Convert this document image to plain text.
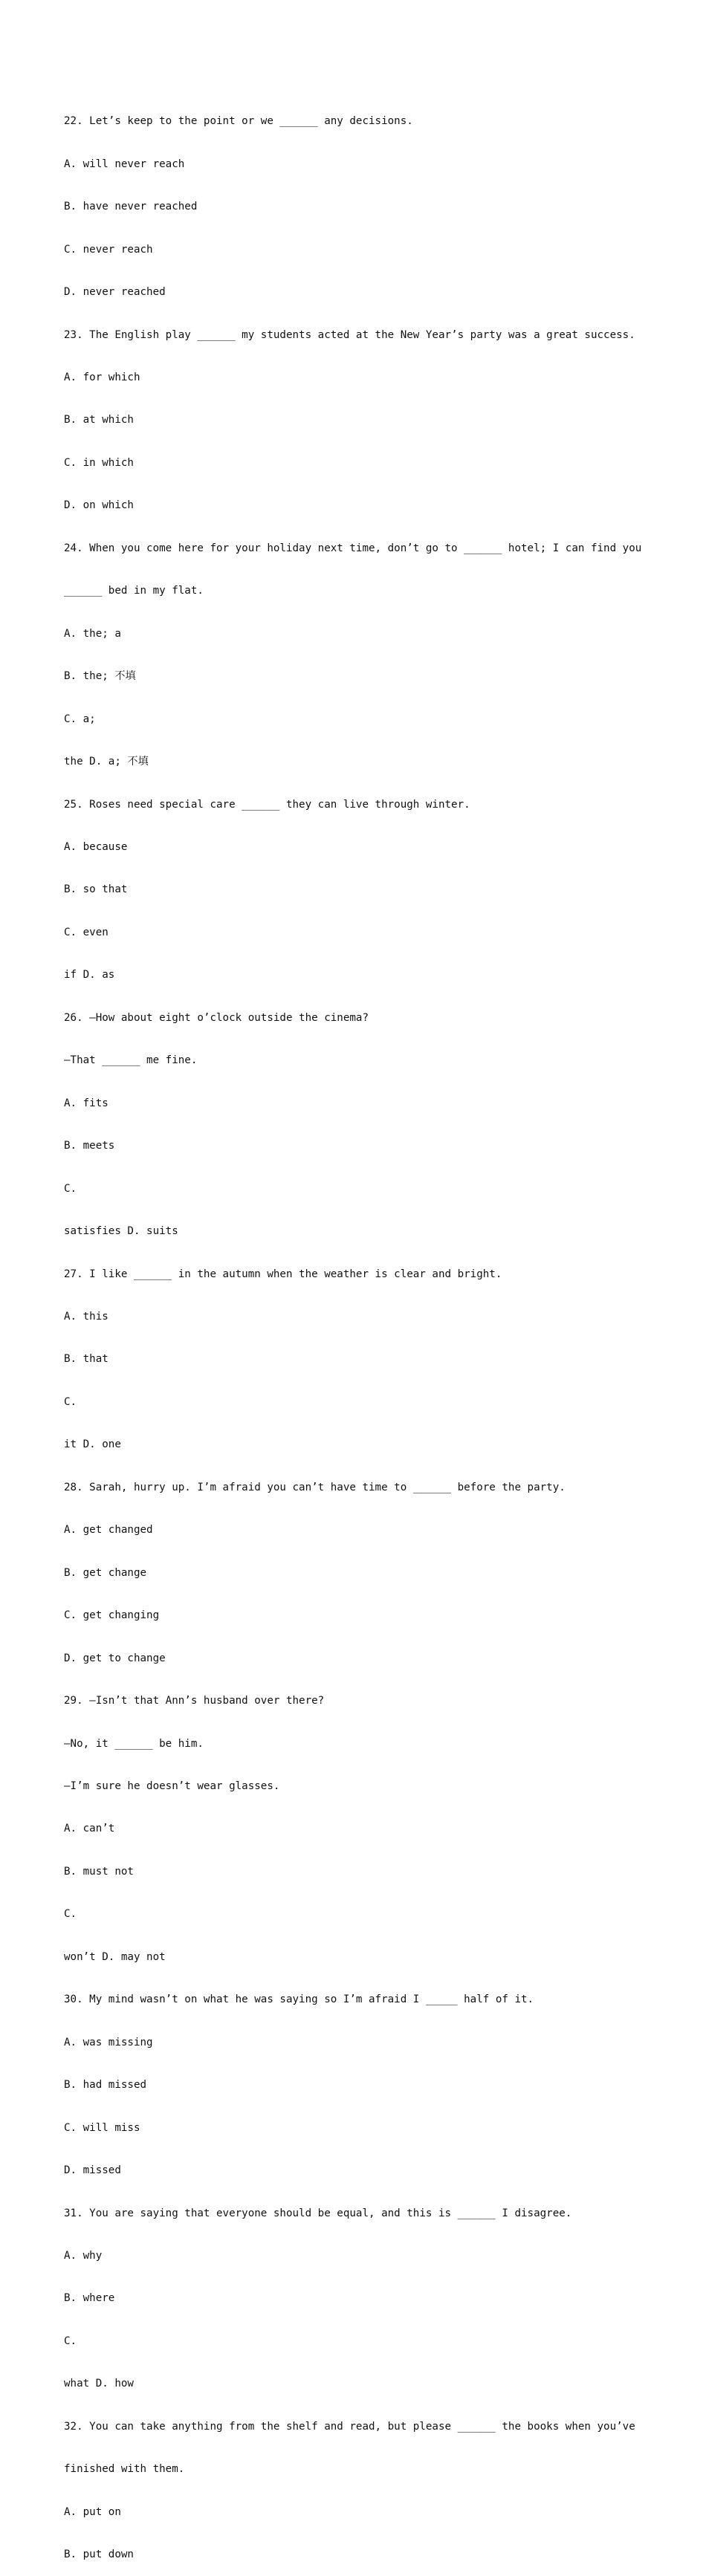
22. Let’s keep to the point or we ______ any decisions.

A. will never reach

B. have never reached

C. never reach

D. never reached

23. The English play ______ my students acted at the New Year’s party was a great success.

A. for which

B. at which

C. in which

D. on which

24. When you come here for your holiday next time, don’t go to ______ hotel; I can find you

______ bed in my flat.

A. the; a

B. the; 不填

C. a;

the D. a; 不填

25. Roses need special care ______ they can live through winter.

A. because

B. so that

C. even

if D. as

26. —How about eight o’clock outside the cinema?

—That ______ me fine.

A. fits

B. meets

C.

satisfies D. suits

27. I like ______ in the autumn when the weather is clear and bright.

A. this

B. that

C.

it D. one

28. Sarah, hurry up. I’m afraid you can’t have time to ______ before the party.

A. get changed

B. get change

C. get changing

D. get to change

29. —Isn’t that Ann’s husband over there?

—No, it ______ be him.

—I’m sure he doesn’t wear glasses.

A. can’t

B. must not

C.

won’t D. may not

30. My mind wasn’t on what he was saying so I’m afraid I _____ half of it.

A. was missing

B. had missed

C. will miss

D. missed

31. You are saying that everyone should be equal, and this is ______ I disagree.

A. why

B. where

C.

what D. how

32. You can take anything from the shelf and read, but please ______ the books when you’ve

finished with them.

A. put on

B. put down
